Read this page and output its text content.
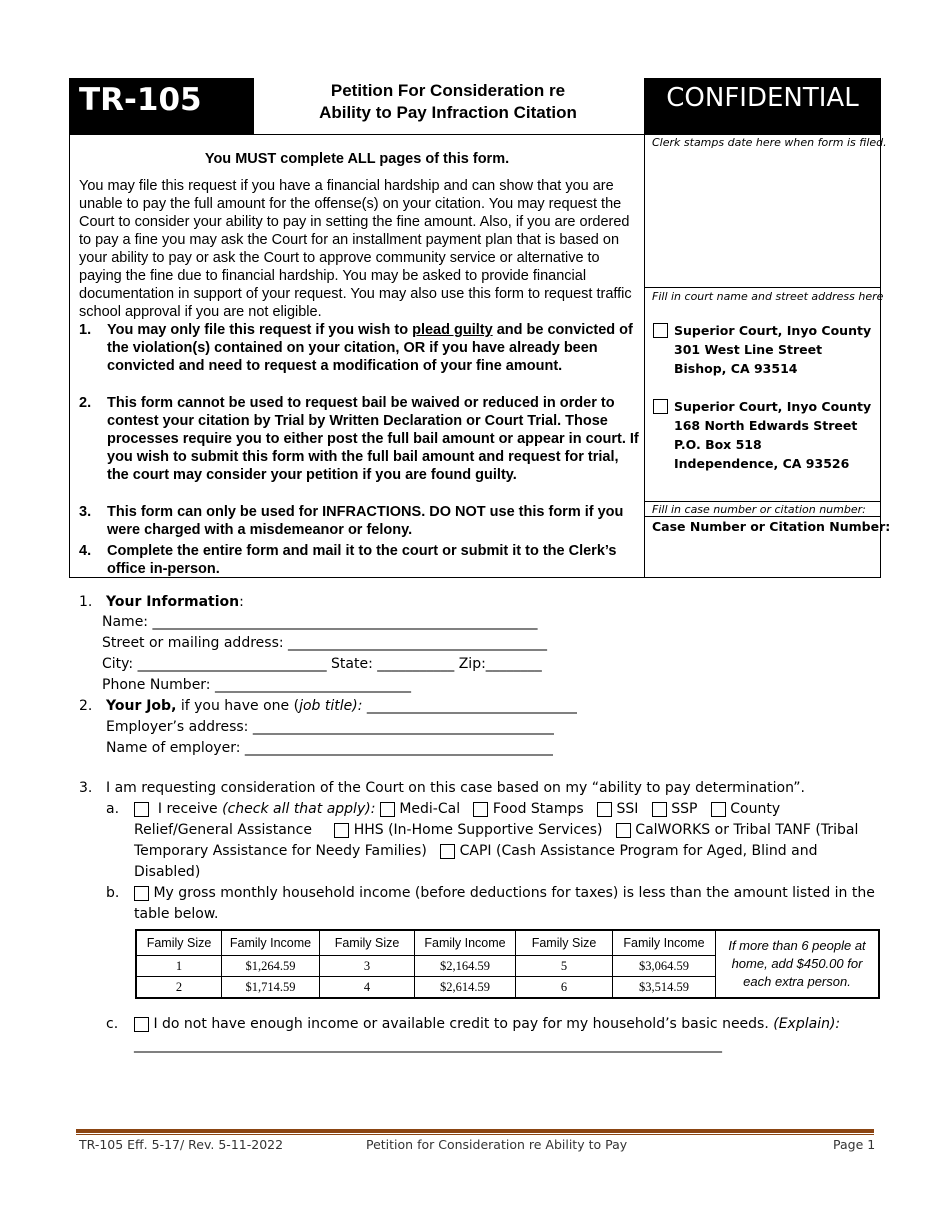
TR-105	Petition For Consideration re
Ability to Pay Infraction Citation	CONFIDENTIAL
You MUST complete ALL pages of this form.
You may file this request if you have a financial hardship and can show that you are unable to pay the full amount for the offense(s) on your citation. You may request the Court to consider your ability to pay in setting the fine amount. Also, if you are ordered to pay a fine you may ask the Court for an installment payment plan that is based on your ability to pay or ask the Court to approve community service or alternative to paying the fine due to financial hardship. You may be asked to provide financial documentation in support of your request. You may also use this form to request traffic school approval if you are not eligible.
1.	You may only file this request if you wish to plead guilty and be convicted of the violation(s) contained on your citation, OR if you have already been convicted and need to request a modification of your fine amount.
2.	This form cannot be used to request bail be waived or reduced in order to contest your citation by Trial by Written Declaration or Court Trial. Those processes require you to either post the full bail amount or appear in court. If you wish to submit this form with the full bail amount and request for trial, the court may consider your petition if you are found guilty.
3.	This form can only be used for INFRACTIONS. DO NOT use this form if you were charged with a misdemeanor or felony.
4.	Complete the entire form and mail it to the court or submit it to the Clerk’s office in-person.
Clerk stamps date here when form is filed.
Fill in court name and street address here
Superior Court, Inyo County
301 West Line Street
Bishop, CA 93514
Superior Court, Inyo County
168 North Edwards Street
P.O. Box 518
Independence, CA 93526
Fill in case number or citation number:
Case Number or Citation Number:
1. Your Information:
Name: _______________________________________________________
Street or mailing address: _____________________________________
City: ___________________________ State: ___________ Zip:________
Phone Number: ____________________________
2. Your Job, if you have one (job title): ______________________________
Employer’s address: ___________________________________________
Name of employer: ____________________________________________
3. I am requesting consideration of the Court on this case based on my “ability to pay determination”.
a.	I receive (check all that apply): Medi-Cal Food Stamps SSI SSP County
Relief/General Assistance	HHS (In-Home Supportive Services) CalWORKS or Tribal TANF (Tribal
Temporary Assistance for Needy Families) CAPI (Cash Assistance Program for Aged, Blind and
Disabled)
b. My gross monthly household income (before deductions for taxes) is less than the amount listed in the
table below.
Family Size	Family Income	Family Size	Family Income	Family Size	Family Income	If more than 6 people at home, add $450.00 for each extra person.
1	$1,264.59	3	$2,164.59	5	$3,064.59	
2	$1,714.59	4	$2,614.59	6	$3,514.59	
c.	I do not have enough income or available credit to pay for my household’s basic needs. (Explain):
____________________________________________________________________________________
TR-105 Eff. 5-17/ Rev. 5-11-2022	Petition for Consideration re Ability to Pay	Page 1
